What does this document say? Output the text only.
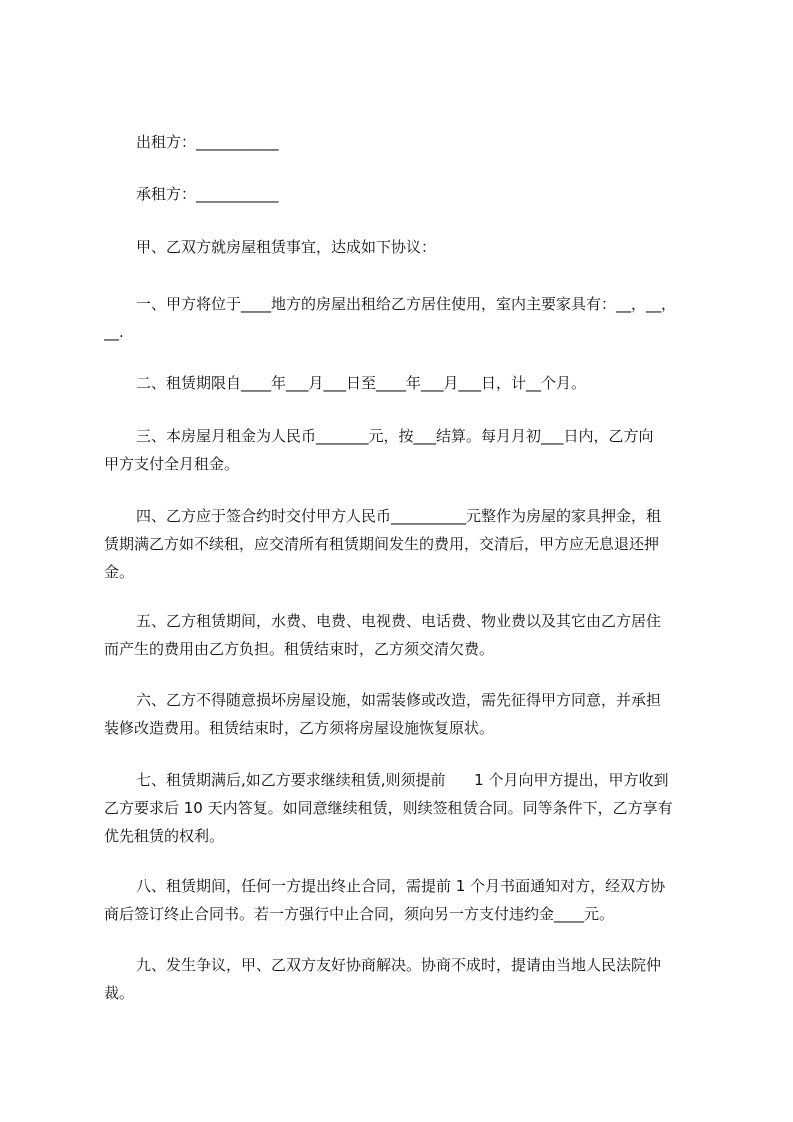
出租方：___________
承租方：___________
甲、乙双方就房屋租赁事宜，达成如下协议：
一、甲方将位于____地方的房屋出租给乙方居住使用，室内主要家具有：__，__，
__.
二、租赁期限自____年___月___日至____年___月___日，计__个月。
三、本房屋月租金为人民币_______元，按___结算。每月月初___日内，乙方向
甲方支付全月租金。
四、乙方应于签合约时交付甲方人民币__________元整作为房屋的家具押金，租
赁期满乙方如不续租，应交清所有租赁期间发生的费用，交清后，甲方应无息退还押
金。
五、乙方租赁期间，水费、电费、电视费、电话费、物业费以及其它由乙方居住
而产生的费用由乙方负担。租赁结束时，乙方须交清欠费。
六、乙方不得随意损坏房屋设施，如需装修或改造，需先征得甲方同意，并承担
装修改造费用。租赁结束时，乙方须将房屋设施恢复原状。
七、租赁期满后,如乙方要求继续租赁,则须提前      1 个月向甲方提出，甲方收到
乙方要求后 10 天内答复。如同意继续租赁，则续签租赁合同。同等条件下，乙方享有
优先租赁的权利。
八、租赁期间，任何一方提出终止合同，需提前 1 个月书面通知对方，经双方协
商后签订终止合同书。若一方强行中止合同，须向另一方支付违约金____元。
九、发生争议，甲、乙双方友好协商解决。协商不成时，提请由当地人民法院仲
裁。
